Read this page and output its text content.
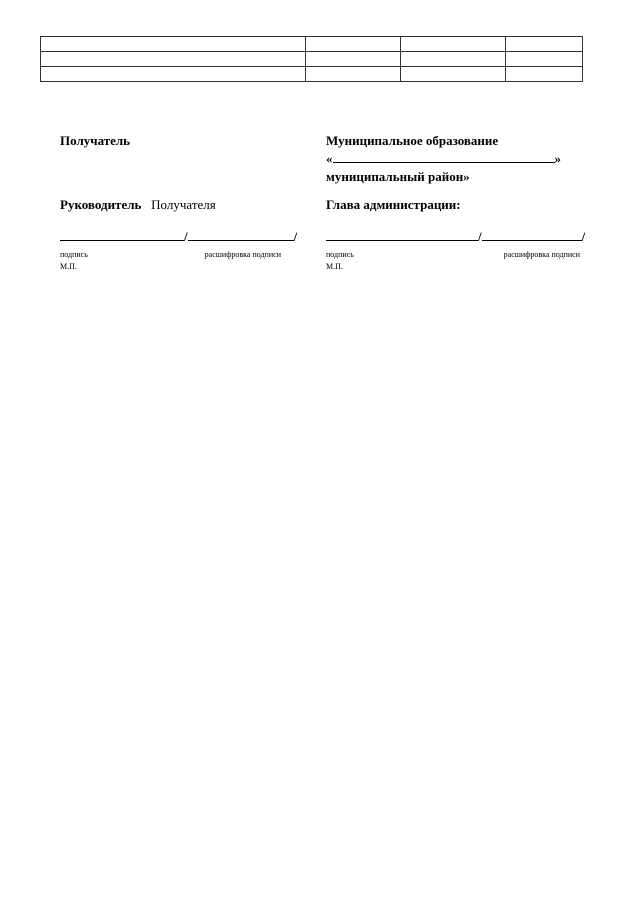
Получатель

Руководитель Получателя

/	/
подпись	расшифровка подписи
М.П.

Муниципальное образование

«	»

муниципальный район»

Глава администрации:

/	/
подпись	расшифровка подписи
М.П.
